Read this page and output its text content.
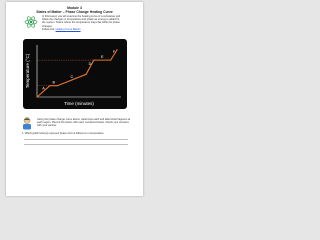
Module 3
States of Matter – Phase Change Heating Curve
In this lesson you will examine the heating curve of a substance and follow the changes in temperature and phase as energy is added to the system. Notice where the temperature stays flat while the phase changes.
Follow link: Heating Curve Basics
A
B
C
D
E
F
Temperature (°C)
Time (minutes)
Using the phase change curve above, determine each and label what happens at each region. Record the letters with each numbered below. Check your answers with your partner.
1. Which graph letter(s) represent phase and no difference in temperature.
